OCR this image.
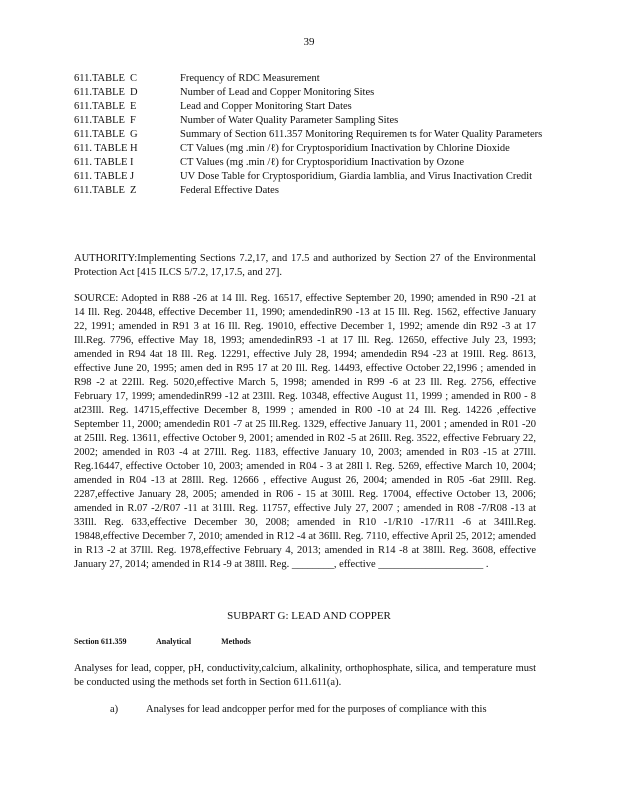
39
611.TABLE C	Frequency of RDC Measurement
611.TABLE D	Number of Lead and Copper Monitoring Sites
611.TABLE E	Lead and Copper Monitoring Start Dates
611.TABLE F	Number of Water Quality Parameter Sampling Sites
611.TABLE G	Summary of Section 611.357 Monitoring Requiremen ts for Water Quality Parameters
611. TABLE H	CT Values (mg .min /ℓ) for Cryptosporidium Inactivation by Chlorine Dioxide
611. TABLE I	CT Values (mg .min /ℓ) for Cryptosporidium Inactivation by Ozone
611. TABLE J	UV Dose Table for Cryptosporidium, Giardia lamblia, and Virus Inactivation Credit
611.TABLE Z	Federal Effective Dates
AUTHORITY:Implementing Sections 7.2,17, and 17.5 and authorized by Section 27 of the Environmental Protection Act [415 ILCS 5/7.2, 17,17.5, and 27].
SOURCE: Adopted in R88 -26 at 14 Ill. Reg. 16517, effective September 20, 1990; amended in R90 -21 at 14 Ill. Reg. 20448, effective December 11, 1990; amendedinR90 -13 at 15 Ill. Reg. 1562, effective January 22, 1991; amended in R91 3 at 16 Ill. Reg. 19010, effective December 1, 1992; amende din R92 -3 at 17 Ill.Reg. 7796, effective May 18, 1993; amendedinR93 -1 at 17 Ill. Reg. 12650, effective July 23, 1993; amended in R94 4at 18 Ill. Reg. 12291, effective July 28, 1994; amendedin R94 -23 at 19Ill. Reg. 8613, effective June 20, 1995; amen ded in R95 17 at 20 Ill. Reg. 14493, effective October 22,1996 ; amended in R98 -2 at 22Ill. Reg. 5020,effective March 5, 1998; amended in R99 -6 at 23 Ill. Reg. 2756, effective February 17, 1999; amendedinR99 -12 at 23Ill. Reg. 10348, effective August 11, 1999 ; amended in R00 - 8 at23Ill. Reg. 14715,effective December 8, 1999 ; amended in R00 -10 at 24 Ill. Reg. 14226 ,effective September 11, 2000; amendedin R01 -7 at 25 Ill.Reg. 1329, effective January 11, 2001 ; amended in R01 -20 at 25Ill. Reg. 13611, effective October 9, 2001; amended in R02 -5 at 26Ill. Reg. 3522, effective February 22, 2002; amended in R03 -4 at 27Ill. Reg. 1183, effective January 10, 2003; amended in R03 -15 at 27Ill. Reg.16447, effective October 10, 2003; amended in R04 - 3 at 28Il l. Reg. 5269, effective March 10, 2004; amended in R04 -13 at 28Ill. Reg. 12666 , effective August 26, 2004; amended in R05 -6at 29Ill. Reg. 2287,effective January 28, 2005; amended in R06 - 15 at 30Ill. Reg. 17004, effective October 13, 2006; amended in R.07 -2/R07 -11 at 31Ill. Reg. 11757, effective July 27, 2007 ; amended in R08 -7/R08 -13 at 33Ill. Reg. 633,effective December 30, 2008; amended in R10 -1/R10 -17/R11 -6 at 34Ill.Reg. 19848,effective December 7, 2010; amended in R12 -4 at 36Ill. Reg. 7110, effective April 25, 2012; amended in R13 -2 at 37Ill. Reg. 1978,effective February 4, 2013; amended in R14 -8 at 38Ill. Reg. 3608, effective January 27, 2014; amended in R14 -9 at 38Ill. Reg. ________, effective ____________________ .
SUBPART G: LEAD AND COPPER
Section 611.359	Analytical	Methods
Analyses for lead, copper, pH, conductivity,calcium, alkalinity, orthophosphate, silica, and temperature must be conducted using the methods set forth in Section 611.611(a).
a)	Analyses for lead andcopper perfor med for the purposes of compliance with this
